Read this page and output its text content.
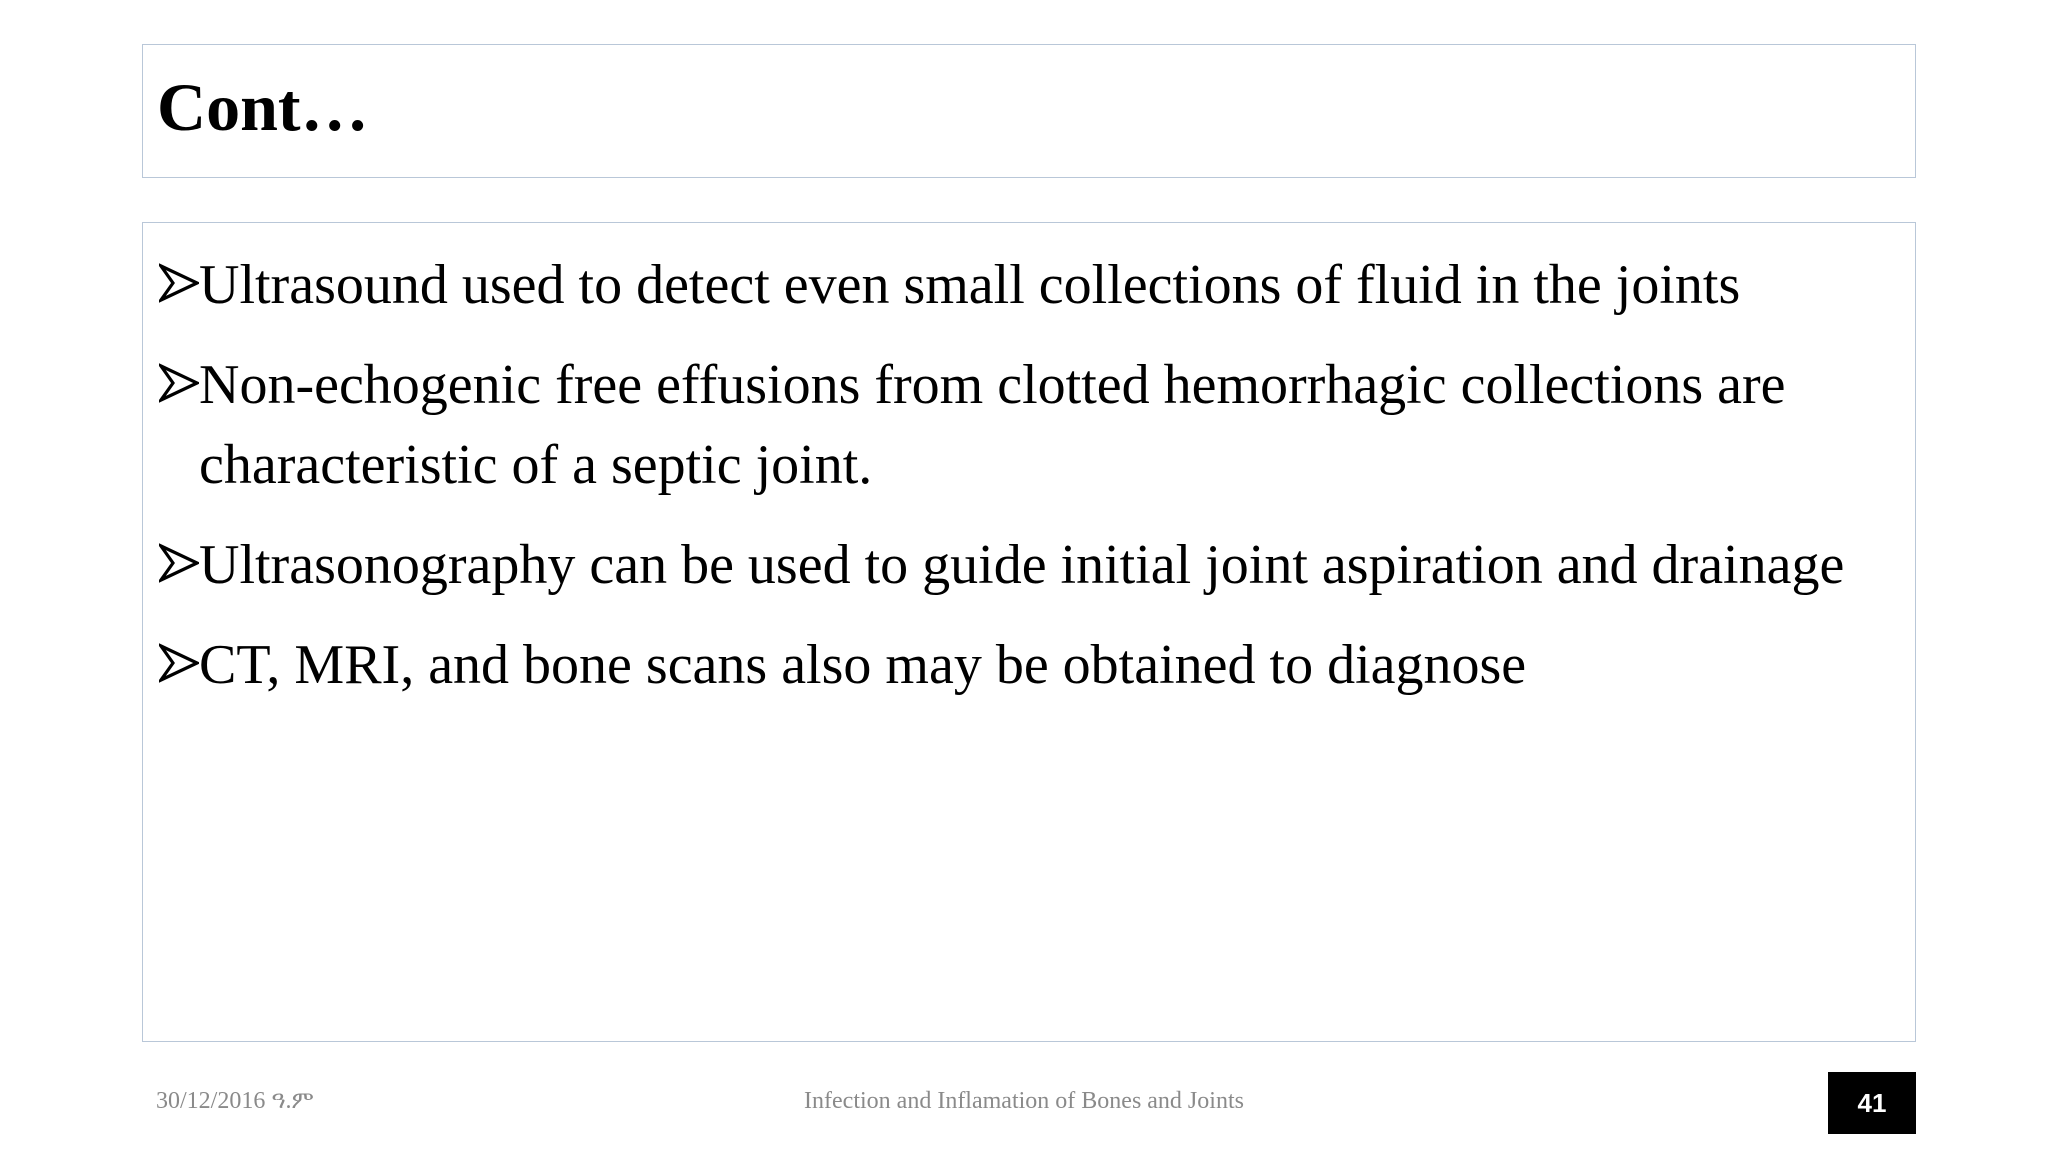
Cont…
Ultrasound used to detect even small collections of fluid in the joints
Non-echogenic free effusions from clotted hemorrhagic collections are characteristic of a septic joint.
Ultrasonography can be used to guide initial joint aspiration and drainage
CT, MRI, and bone scans also may be obtained to diagnose
30/12/2016 ዓ.ም	Infection and Inflamation of Bones and Joints	41
